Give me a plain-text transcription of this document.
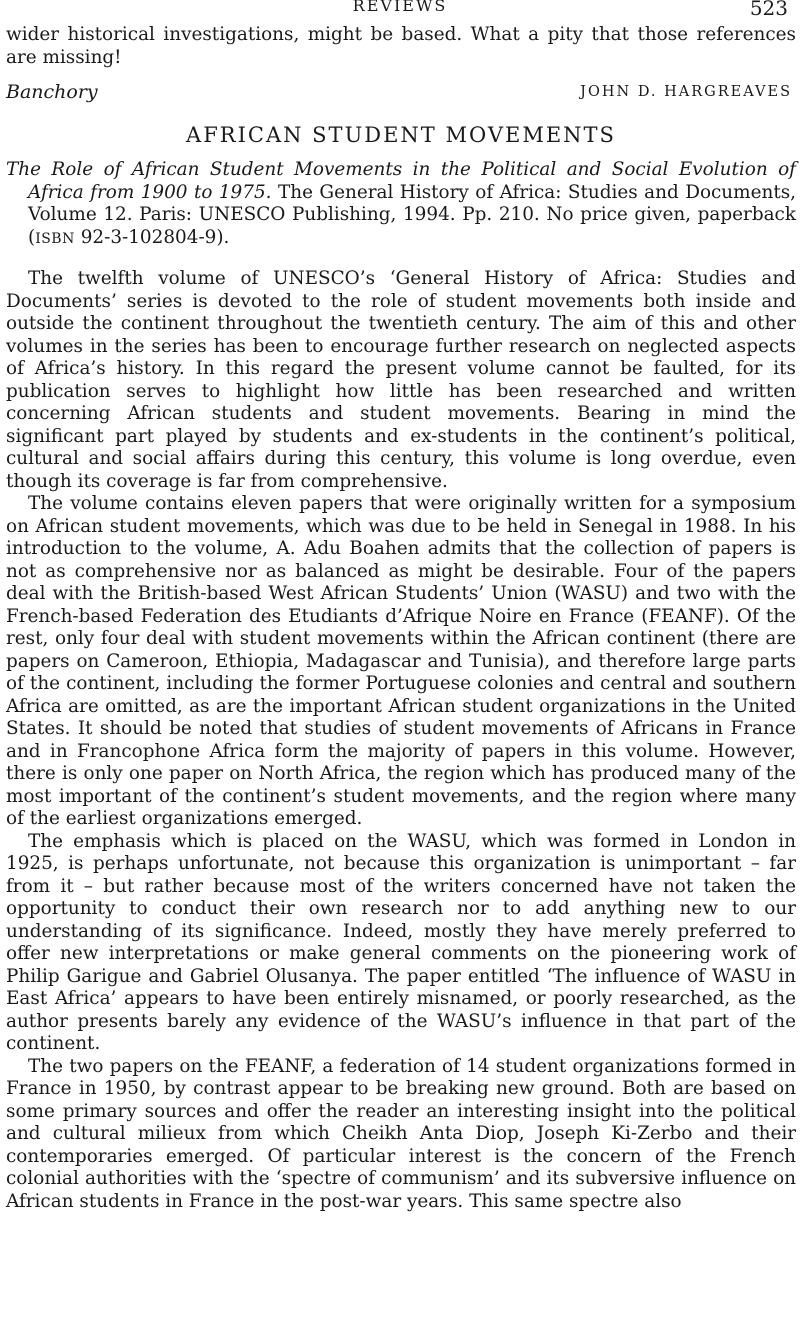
REVIEWS	523

wider historical investigations, might be based. What a pity that those references are missing!

Banchory	JOHN D. HARGREAVES
AFRICAN STUDENT MOVEMENTS
The Role of African Student Movements in the Political and Social Evolution of Africa from 1900 to 1975. The General History of Africa: Studies and Documents, Volume 12. Paris: UNESCO Publishing, 1994. Pp. 210. No price given, paperback (ISBN 92-3-102804-9).

The twelfth volume of UNESCO’s ‘General History of Africa: Studies and Documents’ series is devoted to the role of student movements both inside and outside the continent throughout the twentieth century. The aim of this and other volumes in the series has been to encourage further research on neglected aspects of Africa’s history. In this regard the present volume cannot be faulted, for its publication serves to highlight how little has been researched and written concerning African students and student movements. Bearing in mind the significant part played by students and ex-students in the continent’s political, cultural and social affairs during this century, this volume is long overdue, even though its coverage is far from comprehensive.

The volume contains eleven papers that were originally written for a symposium on African student movements, which was due to be held in Senegal in 1988. In his introduction to the volume, A. Adu Boahen admits that the collection of papers is not as comprehensive nor as balanced as might be desirable. Four of the papers deal with the British-based West African Students’ Union (WASU) and two with the French-based Federation des Etudiants d’Afrique Noire en France (FEANF). Of the rest, only four deal with student movements within the African continent (there are papers on Cameroon, Ethiopia, Madagascar and Tunisia), and therefore large parts of the continent, including the former Portuguese colonies and central and southern Africa are omitted, as are the important African student organizations in the United States. It should be noted that studies of student movements of Africans in France and in Francophone Africa form the majority of papers in this volume. However, there is only one paper on North Africa, the region which has produced many of the most important of the continent’s student movements, and the region where many of the earliest organizations emerged.

The emphasis which is placed on the WASU, which was formed in London in 1925, is perhaps unfortunate, not because this organization is unimportant – far from it – but rather because most of the writers concerned have not taken the opportunity to conduct their own research nor to add anything new to our understanding of its significance. Indeed, mostly they have merely preferred to offer new interpretations or make general comments on the pioneering work of Philip Garigue and Gabriel Olusanya. The paper entitled ‘The influence of WASU in East Africa’ appears to have been entirely misnamed, or poorly researched, as the author presents barely any evidence of the WASU’s influence in that part of the continent.

The two papers on the FEANF, a federation of 14 student organizations formed in France in 1950, by contrast appear to be breaking new ground. Both are based on some primary sources and offer the reader an interesting insight into the political and cultural milieux from which Cheikh Anta Diop, Joseph Ki-Zerbo and their contemporaries emerged. Of particular interest is the concern of the French colonial authorities with the ‘spectre of communism’ and its subversive influence on African students in France in the post-war years. This same spectre also
